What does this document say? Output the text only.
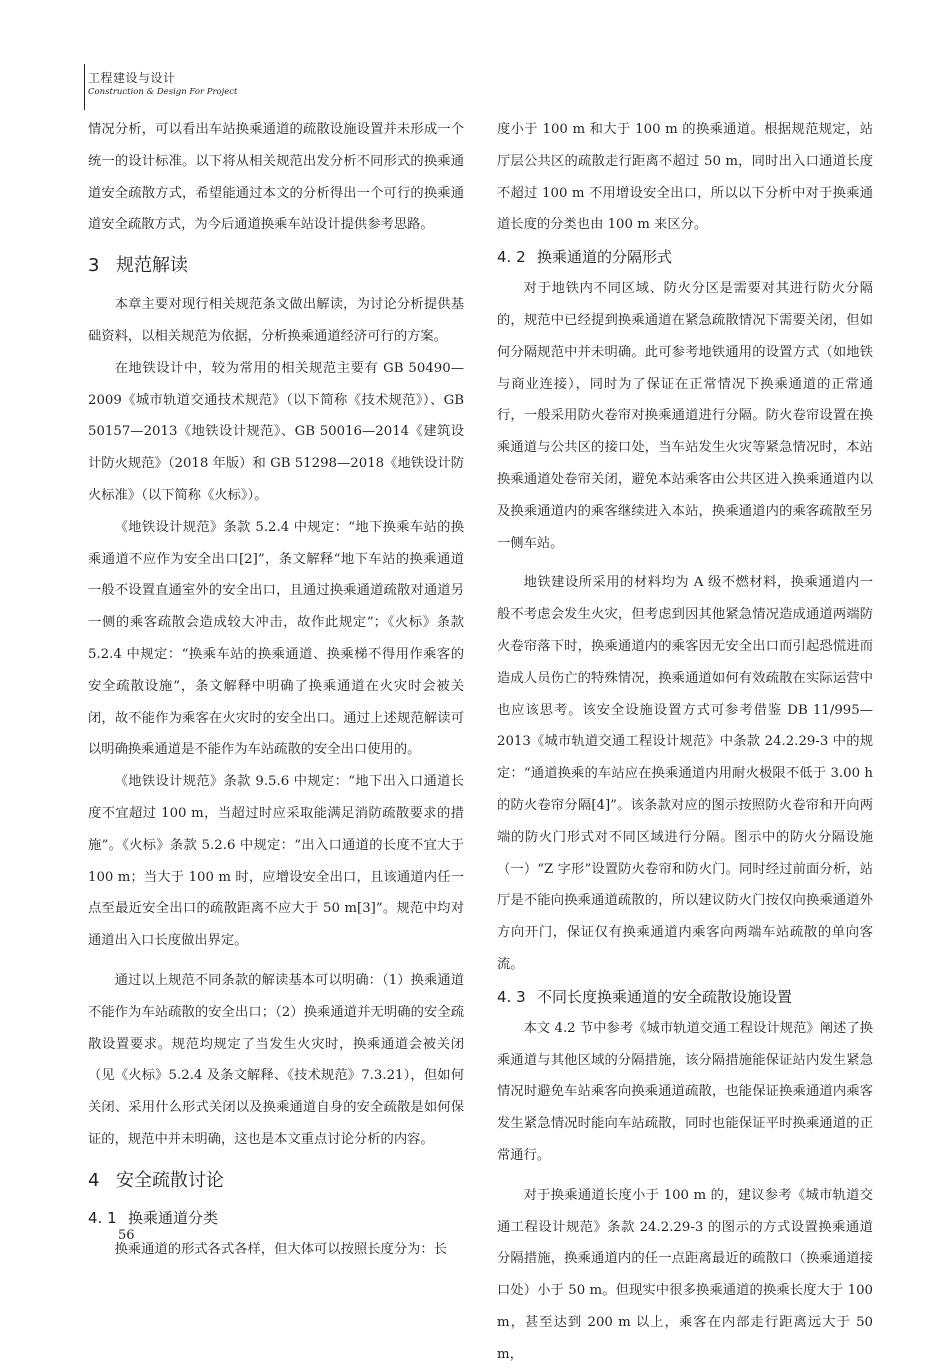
工程建设与设计
Construction & Design For Project

情况分析，可以看出车站换乘通道的疏散设施设置并未形成一个统一的设计标准。以下将从相关规范出发分析不同形式的换乘通道安全疏散方式，希望能通过本文的分析得出一个可行的换乘通道安全疏散方式，为今后通道换乘车站设计提供参考思路。

3 规范解读

本章主要对现行相关规范条文做出解读，为讨论分析提供基础资料，以相关规范为依据，分析换乘通道经济可行的方案。

在地铁设计中，较为常用的相关规范主要有 GB 50490—2009《城市轨道交通技术规范》（以下简称《技术规范》）、GB 50157—2013《地铁设计规范》、GB 50016—2014《建筑设计防火规范》（2018 年版）和 GB 51298—2018《地铁设计防火标准》（以下简称《火标》）。

《地铁设计规范》条款 5.2.4 中规定：“地下换乘车站的换乘通道不应作为安全出口[2]”，条文解释“地下车站的换乘通道一般不设置直通室外的安全出口，且通过换乘通道疏散对通道另一侧的乘客疏散会造成较大冲击，故作此规定”；《火标》条款 5.2.4 中规定：“换乘车站的换乘通道、换乘梯不得用作乘客的安全疏散设施”，条文解释中明确了换乘通道在火灾时会被关闭，故不能作为乘客在火灾时的安全出口。通过上述规范解读可以明确换乘通道是不能作为车站疏散的安全出口使用的。

《地铁设计规范》条款 9.5.6 中规定：“地下出入口通道长度不宜超过 100 m，当超过时应采取能满足消防疏散要求的措施”。《火标》条款 5.2.6 中规定：“出入口通道的长度不宜大于 100 m；当大于 100 m 时，应增设安全出口，且该通道内任一点至最近安全出口的疏散距离不应大于 50 m[3]”。规范中均对通道出入口长度做出界定。

通过以上规范不同条款的解读基本可以明确：（1）换乘通道不能作为车站疏散的安全出口；（2）换乘通道并无明确的安全疏散设置要求。规范均规定了当发生火灾时，换乘通道会被关闭（见《火标》5.2.4 及条文解释、《技术规范》7.3.21），但如何关闭、采用什么形式关闭以及换乘通道自身的安全疏散是如何保证的，规范中并未明确，这也是本文重点讨论分析的内容。

4 安全疏散讨论
4. 1 换乘通道分类

换乘通道的形式各式各样，但大体可以按照长度分为：长

度小于 100 m 和大于 100 m 的换乘通道。根据规范规定，站厅层公共区的疏散走行距离不超过 50 m，同时出入口通道长度不超过 100 m 不用增设安全出口，所以以下分析中对于换乘通道长度的分类也由 100 m 来区分。

4. 2 换乘通道的分隔形式

对于地铁内不同区域、防火分区是需要对其进行防火分隔的，规范中已经提到换乘通道在紧急疏散情况下需要关闭，但如何分隔规范中并未明确。此可参考地铁通用的设置方式（如地铁与商业连接），同时为了保证在正常情况下换乘通道的正常通行，一般采用防火卷帘对换乘通道进行分隔。防火卷帘设置在换乘通道与公共区的接口处，当车站发生火灾等紧急情况时，本站换乘通道处卷帘关闭，避免本站乘客由公共区进入换乘通道内以及换乘通道内的乘客继续进入本站，换乘通道内的乘客疏散至另一侧车站。

地铁建设所采用的材料均为 A 级不燃材料，换乘通道内一般不考虑会发生火灾，但考虑到因其他紧急情况造成通道两端防火卷帘落下时，换乘通道内的乘客因无安全出口而引起恐慌进而造成人员伤亡的特殊情况，换乘通道如何有效疏散在实际运营中也应该思考。该安全设施设置方式可参考借鉴 DB 11/995—2013《城市轨道交通工程设计规范》中条款 24.2.29-3 中的规定：“通道换乘的车站应在换乘通道内用耐火极限不低于 3.00 h 的防火卷帘分隔[4]”。该条款对应的图示按照防火卷帘和开向两端的防火门形式对不同区域进行分隔。图示中的防火分隔设施（一）“Z 字形”设置防火卷帘和防火门。同时经过前面分析，站厅是不能向换乘通道疏散的，所以建议防火门按仅向换乘通道外方向开门，保证仅有换乘通道内乘客向两端车站疏散的单向客流。

4. 3 不同长度换乘通道的安全疏散设施设置

本文 4.2 节中参考《城市轨道交通工程设计规范》阐述了换乘通道与其他区域的分隔措施，该分隔措施能保证站内发生紧急情况时避免车站乘客向换乘通道疏散，也能保证换乘通道内乘客发生紧急情况时能向车站疏散，同时也能保证平时换乘通道的正常通行。

对于换乘通道长度小于 100 m 的，建议参考《城市轨道交通工程设计规范》条款 24.2.29-3 的图示的方式设置换乘通道分隔措施，换乘通道内的任一点距离最近的疏散口（换乘通道接口处）小于 50 m。但现实中很多换乘通道的换乘长度大于 100 m，甚至达到 200 m 以上，乘客在内部走行距离远大于 50 m，

56
